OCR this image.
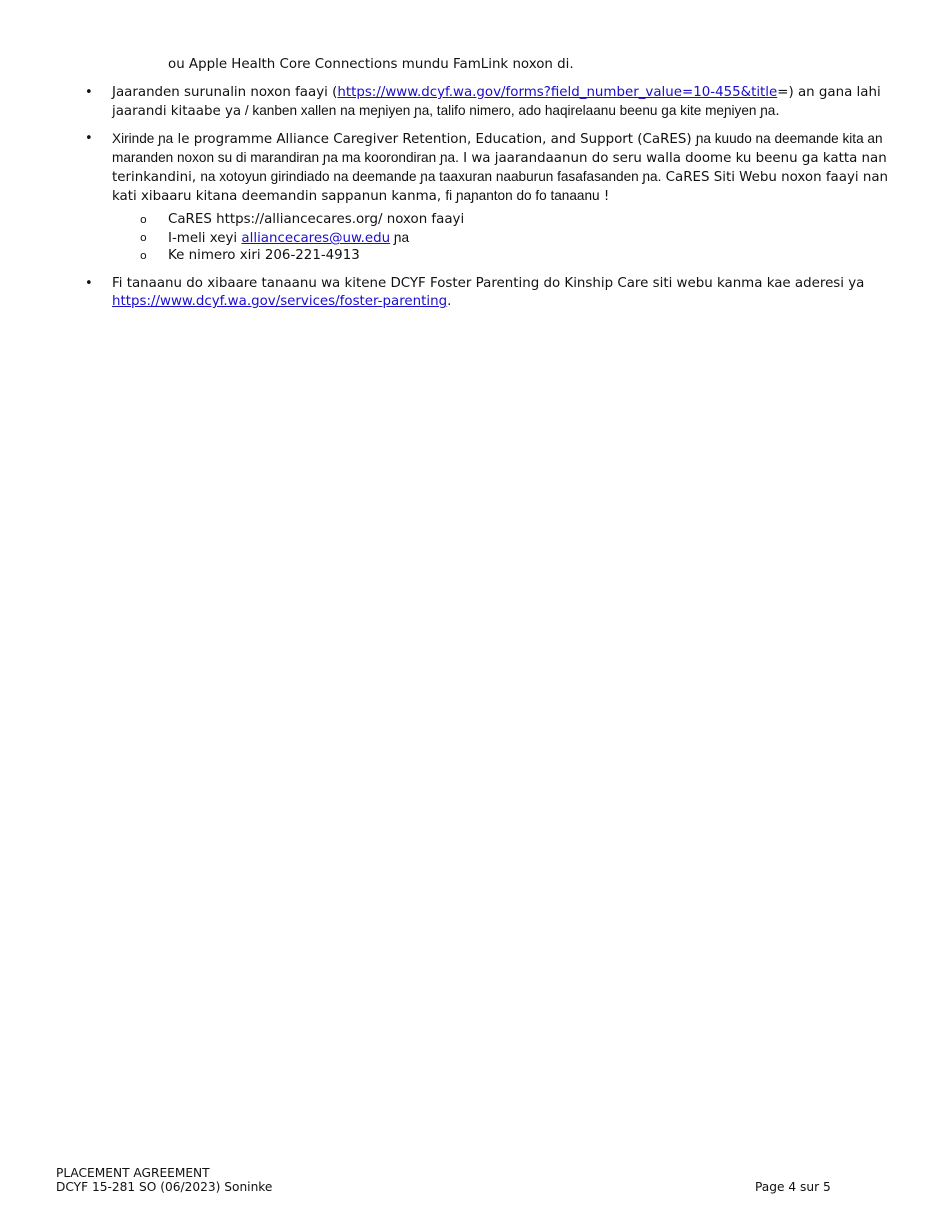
ou Apple Health Core Connections mundu FamLink noxon di.
• Jaaranden surunalin noxon faayi (https://www.dcyf.wa.gov/forms?field_number_value=10-455&title=) an gana lahi jaarandi kitaabe ya / kanben xallen na meɲiyen ɲa, talifo nimero, ado haqirelaanu beenu ga kite meɲiyen ɲa.
• Xirinde ɲa le programme Alliance Caregiver Retention, Education, and Support (CaRES) ɲa kuudo na deemande kita an maranden noxon su di marandiran ɲa ma koorondiran ɲa. I wa jaarandaanun do seru walla doome ku beenu ga katta nan terinkandini, na xotoyun girindiado na deemande ɲa taaxuran naaburun fasafasanden ɲa. CaRES Siti Webu noxon faayi nan kati xibaaru kitana deemandin sappanun kanma, fi ɲaɲanton do fo tanaanu !
o CaRES https://alliancecares.org/ noxon faayi
o I-meli xeyi alliancecares@uw.edu ɲa
o Ke nimero xiri 206-221-4913
• Fi tanaanu do xibaare tanaanu wa kitene DCYF Foster Parenting do Kinship Care siti webu kanma kae aderesi ya https://www.dcyf.wa.gov/services/foster-parenting.
PLACEMENT AGREEMENT
DCYF 15-281 SO (06/2023) Soninke	Page 4 sur 5
